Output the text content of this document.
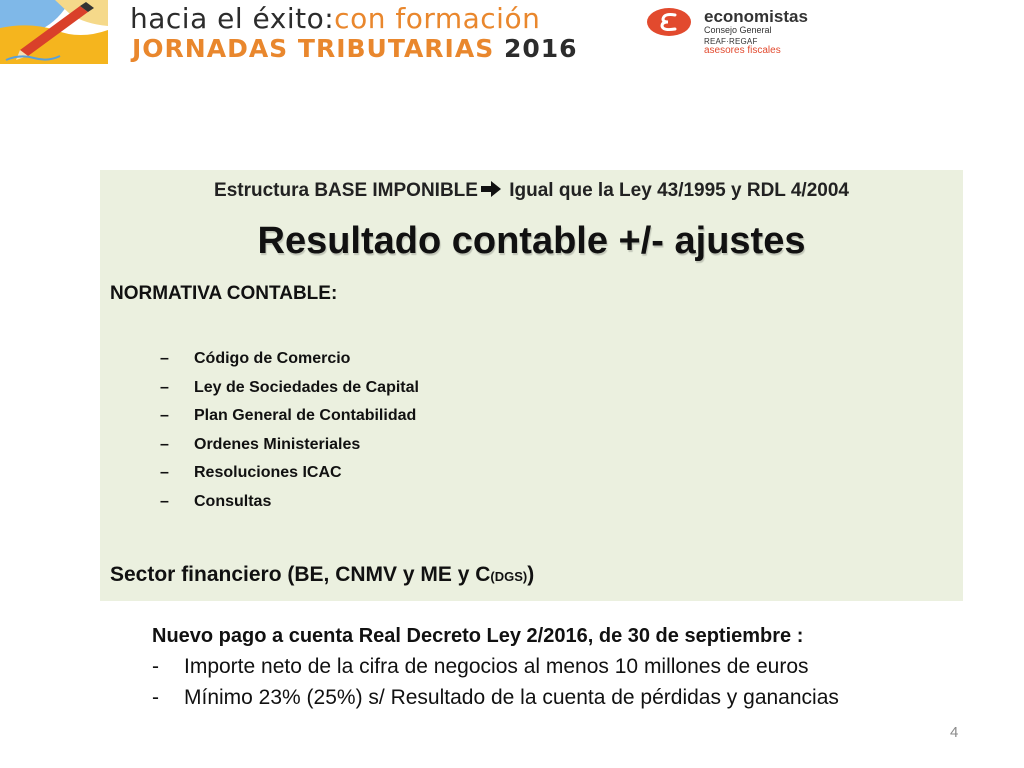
hacia el éxito:con formación
JORNADAS TRIBUTARIAS 2016
economistas
Consejo General
REAF·REGAF
asesores fiscales
Estructura BASE IMPONIBLE Igual que la Ley 43/1995 y RDL 4/2004
Resultado contable +/- ajustes
NORMATIVA CONTABLE:
– Código de Comercio
– Ley de Sociedades de Capital
– Plan General de Contabilidad
– Ordenes Ministeriales
– Resoluciones ICAC
– Consultas
Sector financiero (BE, CNMV y ME y C(DGS))
Nuevo pago a cuenta Real Decreto Ley 2/2016, de 30 de septiembre :
- Importe neto de la cifra de negocios al menos 10 millones de euros
- Mínimo 23% (25%) s/ Resultado de la cuenta de pérdidas y ganancias
4
